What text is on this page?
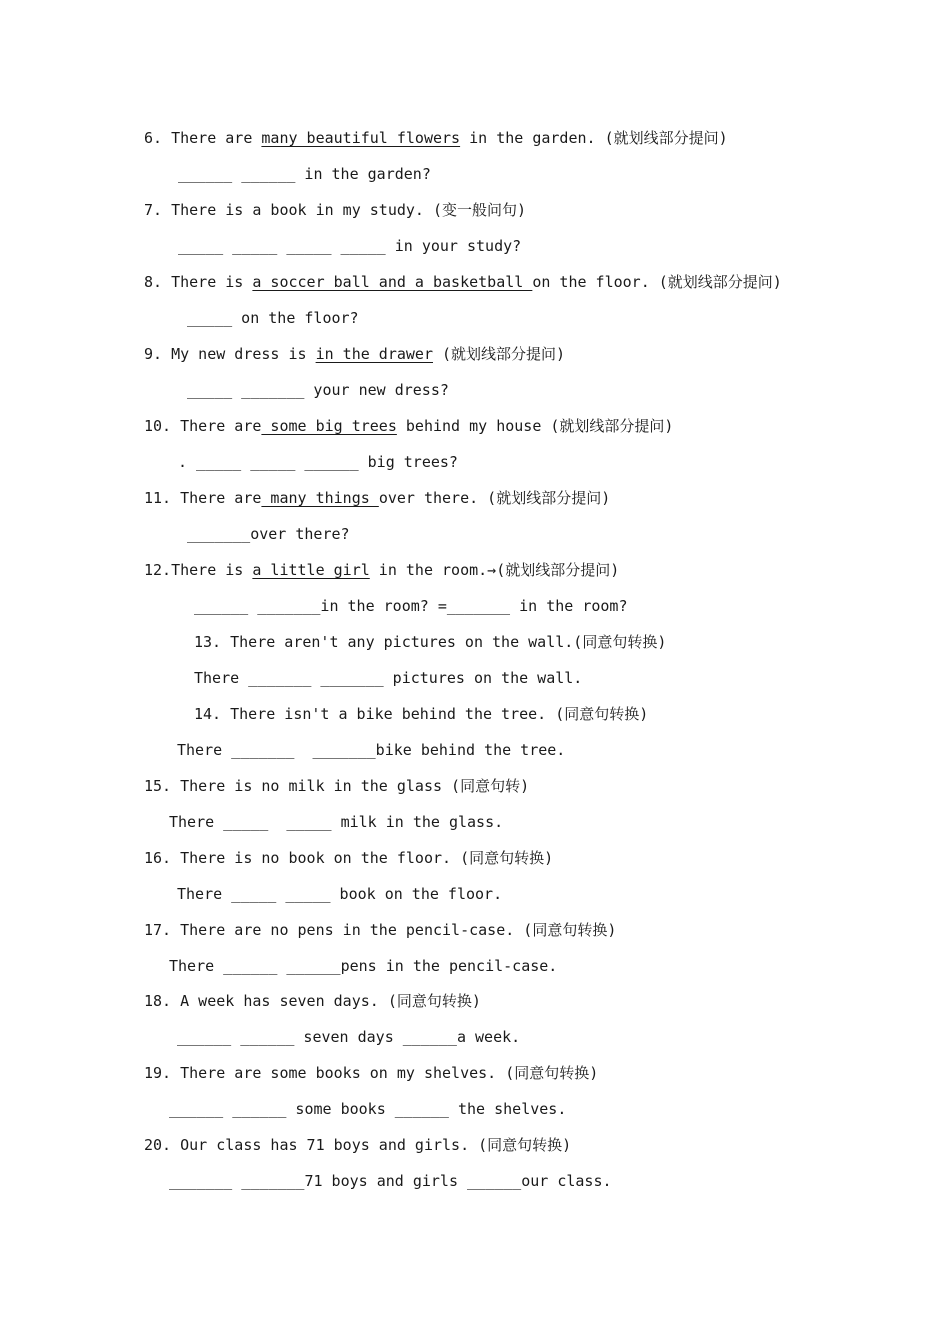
6. There are many beautiful flowers in the garden. (就划线部分提问)
______ ______ in the garden?
7. There is a book in my study. (变一般问句)
_____ _____ _____ _____ in your study?
8. There is a soccer ball and a basketball on the floor. (就划线部分提问)
_____ on the floor?
9. My new dress is in the drawer (就划线部分提问)
_____ _______ your new dress?
10. There are some big trees behind my house (就划线部分提问)
. _____ _____ ______ big trees?
11. There are many things over there. (就划线部分提问)
_______over there?
12.There is a little girl in the room.→(就划线部分提问)
______ _______in the room? =_______ in the room?
13. There aren't any pictures on the wall.(同意句转换)
There _______ _______ pictures on the wall.
14. There isn't a bike behind the tree. (同意句转换)
There _______  _______bike behind the tree.
15. There is no milk in the glass (同意句转)
There _____  _____ milk in the glass.
16. There is no book on the floor. (同意句转换)
There _____ _____ book on the floor.
17. There are no pens in the pencil-case. (同意句转换)
There ______ ______pens in the pencil-case.
18. A week has seven days. (同意句转换)
______ ______ seven days ______a week.
19. There are some books on my shelves. (同意句转换)
______ ______ some books ______ the shelves.
20. Our class has 71 boys and girls. (同意句转换)
_______ _______71 boys and girls ______our class.
